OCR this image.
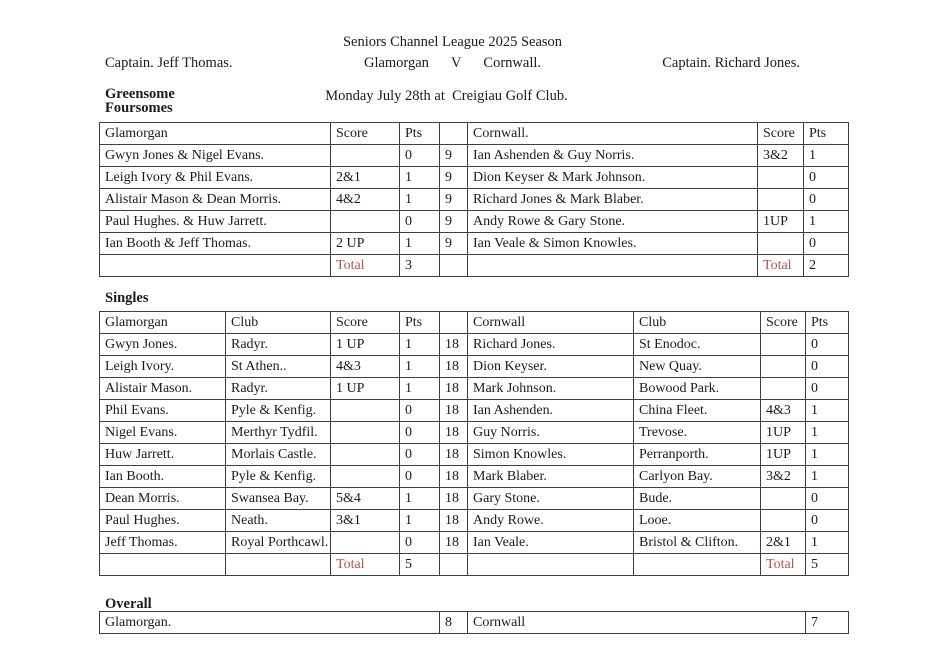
Seniors Channel League 2025 Season
Captain. Jeff Thomas.	Glamorgan V Cornwall.	Captain. Richard Jones.
Greensome
Foursomes
Monday July 28th at  Creigiau Golf Club.
Glamorgan	Score	Pts		Cornwall.	Score	Pts
Gwyn Jones & Nigel Evans.		0	9	Ian Ashenden & Guy Norris.	3&2	1
Leigh Ivory & Phil Evans.	2&1	1	9	Dion Keyser & Mark Johnson.		0
Alistair Mason & Dean Morris.	4&2	1	9	Richard Jones & Mark Blaber.		0
Paul Hughes. & Huw Jarrett.		0	9	Andy Rowe & Gary Stone.	1UP	1
Ian Booth & Jeff Thomas.	2 UP	1	9	Ian Veale & Simon Knowles.		0
	Total	3			Total	2
Singles
Glamorgan	Club	Score	Pts		Cornwall	Club	Score	Pts
Gwyn Jones.	Radyr.	1 UP	1	18	Richard Jones.	St Enodoc.		0
Leigh Ivory.	St Athen..	4&3	1	18	Dion Keyser.	New Quay.		0
Alistair Mason.	Radyr.	1 UP	1	18	Mark Johnson.	Bowood Park.		0
Phil Evans.	Pyle & Kenfig.		0	18	Ian Ashenden.	China Fleet.	4&3	1
Nigel Evans.	Merthyr Tydfil.		0	18	Guy Norris.	Trevose.	1UP	1
Huw Jarrett.	Morlais Castle.		0	18	Simon Knowles.	Perranporth.	1UP	1
Ian Booth.	Pyle & Kenfig.		0	18	Mark Blaber.	Carlyon Bay.	3&2	1
Dean Morris.	Swansea Bay.	5&4	1	18	Gary Stone.	Bude.		0
Paul Hughes.	Neath.	3&1	1	18	Andy Rowe.	Looe.		0
Jeff Thomas.	Royal Porthcawl.		0	18	Ian Veale.	Bristol & Clifton.	2&1	1
		Total	5				Total	5
Overall
Glamorgan.	8	Cornwall	7
